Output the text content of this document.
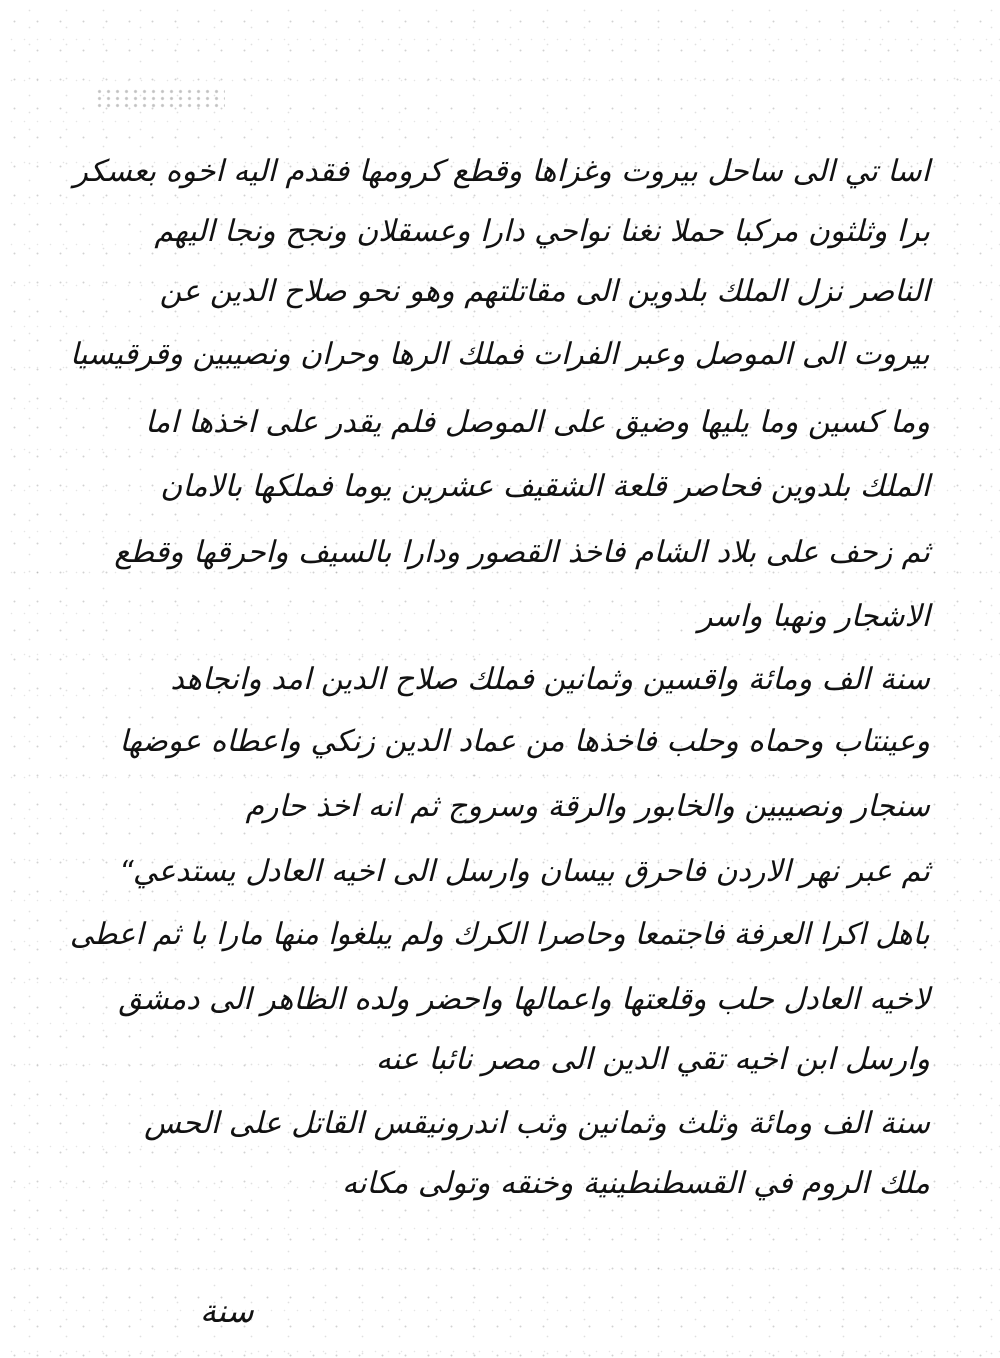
اسا تي الى ساحل بيروت وغزاها وقطع كرومها فقدم اليه اخوه بعسكر
برا وثلثون مركبا حملا نغنا نواحي دارا وعسقلان ونجح ونجا اليهم
الناصر نزل الملك بلدوين الى مقاتلتهم وهو نحو صلاح الدين عن
بيروت الى الموصل وعبر الفرات فملك الرها وحران ونصيبين وقرقيسيا
وما كسين وما يليها وضيق على الموصل فلم يقدر على اخذها اما
الملك بلدوين فحاصر قلعة الشقيف عشرين يوما فملكها بالامان
ثم زحف على بلاد الشام فاخذ القصور ودارا بالسيف واحرقها وقطع
الاشجار ونهبا واسر
سنة الف ومائة واقسين وثمانين فملك صلاح الدين امد وانجاهد
وعينتاب وحماه وحلب فاخذها من عماد الدين زنكي واعطاه عوضها
سنجار ونصيبين والخابور والرقة وسروج ثم انه اخذ حارم
ثم عبر نهر الاردن فاحرق بيسان وارسل الى اخيه العادل يستدعي
باهل اكرا العرفة فاجتمعا وحاصرا الكرك ولم يبلغوا منها مارا با ثم اعطى
لاخيه العادل حلب وقلعتها واعمالها واحضر ولده الظاهر الى دمشق
وارسل ابن اخيه تقي الدين الى مصر نائبا عنه
سنة الف ومائة وثلث وثمانين وثب اندرونيقس القاتل على الحس
ملك الروم في القسطنطينية وخنقه وتولى مكانه
“
سنة
